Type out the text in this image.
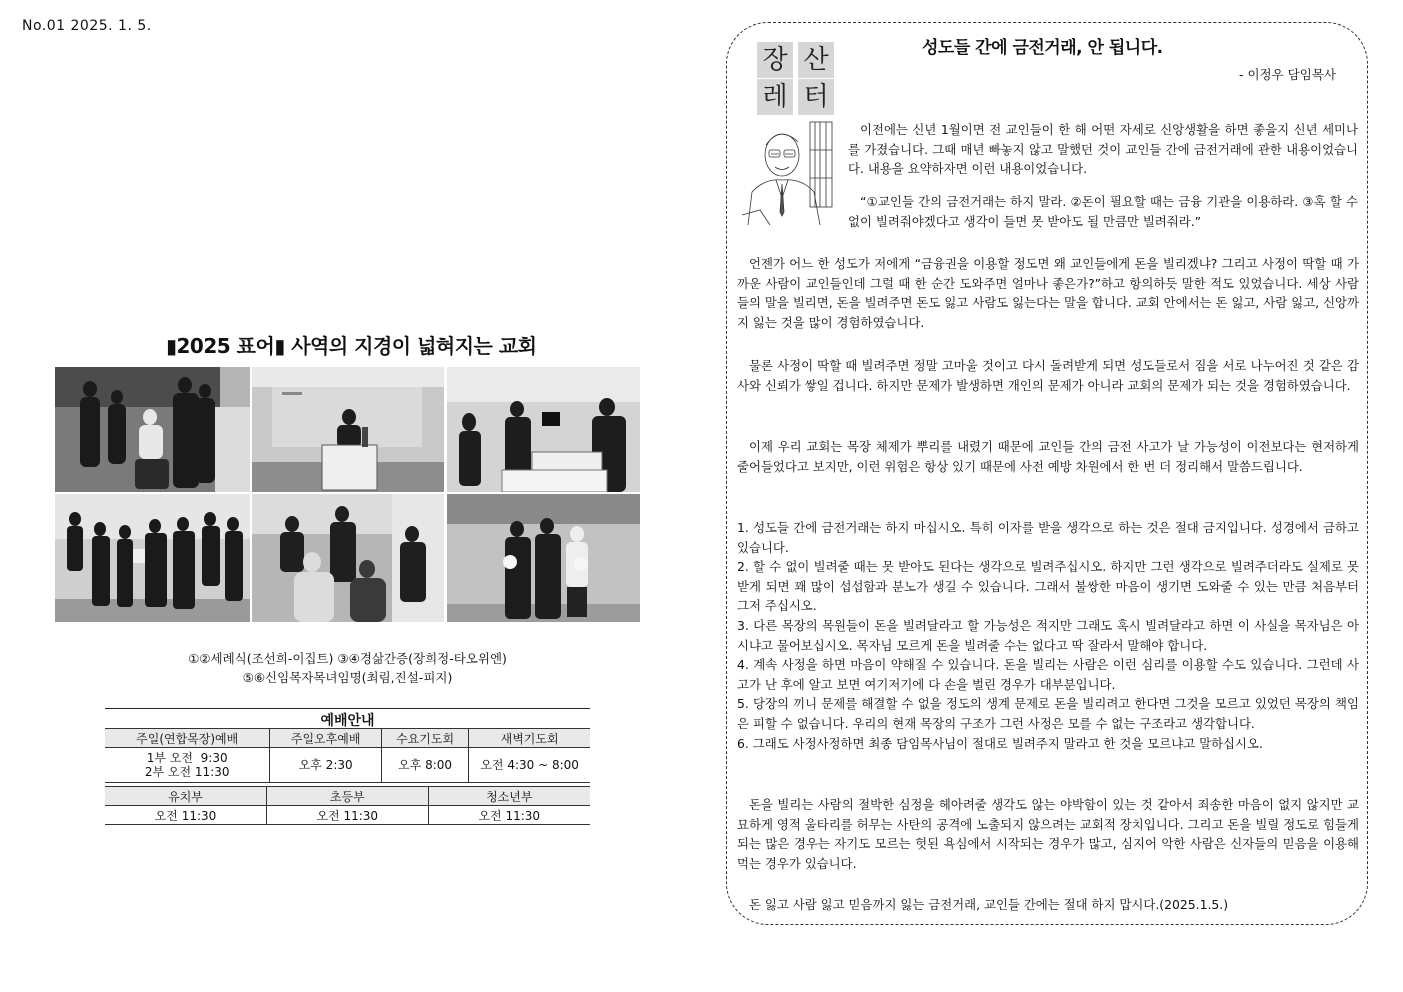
No.01 2025. 1. 5.
▮2025 표어▮ 사역의 지경이 넓혀지는 교회
①②세례식(조선희-이집트) ③④경삶간증(장희정-타오위엔)
⑤⑥신임목자목녀임명(최림,진설-피지)
예배안내
주일(연합목장)예배	주일오후예배	수요기도회	새벽기도회

1부 오전  9:30
2부 오전 11:30	오후 2:30	오후 8:00	오전 4:30 ~ 8:00
유치부	초등부	청소년부
오전 11:30	오전 11:30	오전 11:30
장 산
레 터
성도들 간에 금전거래, 안 됩니다.
- 이정우 담임목사
이전에는 신년 1월이면 전 교인들이 한 해 어떤 자세로 신앙생활을 하면 좋을지 신년 세미나를 가졌습니다. 그때 매년 빠놓지 않고 말했던 것이 교인들 간에 금전거래에 관한 내용이었습니다. 내용을 요약하자면 이런 내용이었습니다.
“①교인들 간의 금전거래는 하지 말라. ②돈이 필요할 때는 금융 기관을 이용하라. ③혹 할 수 없이 빌려줘야겠다고 생각이 들면 못 받아도 될 만큼만 빌려줘라.”
언젠가 어느 한 성도가 저에게 “금융권을 이용할 정도면 왜 교인들에게 돈을 빌리겠냐? 그리고 사정이 딱할 때 가까운 사람이 교인들인데 그럴 때 한 순간 도와주면 얼마나 좋은가?”하고 항의하듯 말한 적도 있었습니다. 세상 사람들의 말을 빌리면, 돈을 빌려주면 돈도 잃고 사람도 잃는다는 말을 합니다. 교회 안에서는 돈 잃고, 사람 잃고, 신앙까지 잃는 것을 많이 경험하였습니다.
물론 사정이 딱할 때 빌려주면 정말 고마울 것이고 다시 돌려받게 되면 성도들로서 짐을 서로 나누어진 것 같은 감사와 신뢰가 쌓일 겁니다. 하지만 문제가 발생하면 개인의 문제가 아니라 교회의 문제가 되는 것을 경험하였습니다.
이제 우리 교회는 목장 체제가 뿌리를 내렸기 때문에 교인들 간의 금전 사고가 날 가능성이 이전보다는 현저하게 줄어들었다고 보지만, 이런 위험은 항상 있기 때문에 사전 예방 차원에서 한 번 더 정리해서 말씀드립니다.
1. 성도들 간에 금전거래는 하지 마십시오. 특히 이자를 받을 생각으로 하는 것은 절대 금지입니다. 성경에서 금하고 있습니다.
2. 할 수 없이 빌려줄 때는 못 받아도 된다는 생각으로 빌려주십시오. 하지만 그런 생각으로 빌려주더라도 실제로 못 받게 되면 꽤 많이 섭섭함과 분노가 생길 수 있습니다. 그래서 불쌍한 마음이 생기면 도와줄 수 있는 만큼 처음부터 그저 주십시오.
3. 다른 목장의 목원들이 돈을 빌려달라고 할 가능성은 적지만 그래도 혹시 빌려달라고 하면 이 사실을 목자님은 아시냐고 물어보십시오. 목자님 모르게 돈을 빌려줄 수는 없다고 딱 잘라서 말해야 합니다.
4. 계속 사정을 하면 마음이 약해질 수 있습니다. 돈을 빌리는 사람은 이런 심리를 이용할 수도 있습니다. 그런데 사고가 난 후에 알고 보면 여기저기에 다 손을 벌린 경우가 대부분입니다.
5. 당장의 끼니 문제를 해결할 수 없을 정도의 생계 문제로 돈을 빌리려고 한다면 그것을 모르고 있었던 목장의 책임은 피할 수 없습니다. 우리의 현재 목장의 구조가 그런 사정은 모를 수 없는 구조라고 생각합니다.
6. 그래도 사정사정하면 최종 담임목사님이 절대로 빌려주지 말라고 한 것을 모르냐고 말하십시오.
돈을 빌리는 사람의 절박한 심정을 헤아려줄 생각도 않는 야박함이 있는 것 같아서 죄송한 마음이 없지 않지만 교묘하게 영적 울타리를 허무는 사탄의 공격에 노출되지 않으려는 교회적 장치입니다. 그리고 돈을 빌릴 정도로 힘들게 되는 많은 경우는 자기도 모르는 헛된 욕심에서 시작되는 경우가 많고, 심지어 악한 사람은 신자들의 믿음을 이용해 먹는 경우가 있습니다.
돈 잃고 사람 잃고 믿음까지 잃는 금전거래, 교인들 간에는 절대 하지 맙시다.(2025.1.5.)
